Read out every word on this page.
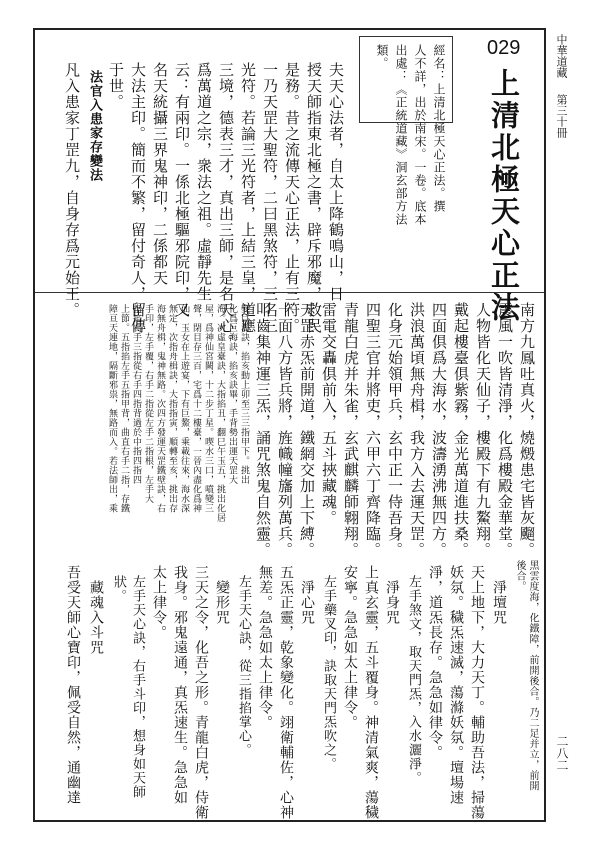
中華道藏
第三十冊
二八二
029
上清北極天心正法
經名：上清北極天心正法。撰
人不詳，出於南宋。一卷。底本
出處：《正統道藏》洞玄部方法
類。
夫天心法者，自太上降鶴鳴山，日
授天師指東北極之書，辟斥邪魔，救民
是務。昔之流傳天心正法，止有三符。
一乃天罡大聖符，二曰黑煞符，三名三
光符。若論三光符者，上結三皇，道應
三境，德表三才，真出三師，是名天心。
爲萬道之宗，衆法之祖。虛靜先生
云：有兩印。一係北極驅邪院印，又
名天統攝三界鬼神印，二係都天
大法主印。簡而不繁，留付奇人，留傳
于世。
法官入患家存變法
凡入患家丁罡九，自身存爲元始王。
南方九鳳吐真火，燒燬患宅皆灰飀。
震風一吹皆清淨，化爲樓殿金華堂。
人物皆化天仙子，樓殿下有九鰲翔。
戴起樓臺俱紫霧，金光萬道進扶桑。
四面俱爲大海水，波濤湧沸無四方。
洪浪萬頃無舟楫，我方入去運天罡。
化身元始領甲兵，玄中正一侍吾身。
四聖三官并將吏，六甲六丁齊降臨。
青龍白虎并朱雀，玄武麒麟師翺翔。
雷電交轟俱前入，五斗挾藏魂。
天罡赤炁前開道，鐵網交加上下縛。
十面八方皆兵將，旌幟幢旛列萬兵。
叩齒集神運三炁，誦咒煞鬼自然靈。
變巨海訣，掐亥動上卯至三三指甲下。挑出
化爲巨海訣，掐亥訣畢，手背勢出運天罡大
海。次虛皇臺訣，大指掐丑，翻巳午玉五，挑出化居
屋，爲神仙宮闕，十二步丁星。喫水三口，噴變三
聲，閉目存三百，宅爲十二樓臺，一晉內盡化爲神
仙，玉女在上遊宴，下有巨鰲，乘載往來，海水深
無定，次指舟楫訣，大指指寅，順轉至亥，挑出存
海無舟楫，鬼神無路。次四方發運天罡鐵壁訣，右
手印，左手覆，右手二指從左手二指根，左手大
指掐右手三指從右手四指背過於中指四指四
上節。五指掐左手五指甲背，曲直右手二指，存鐵
障亘天連地，隔斷邪祟，無路而入。若法師出，乘
黑雲度海，化鐵障，前開後合。乃二足并立，前開
後合。
淨壇咒
天上地下，大力天丁。輔助吾法，掃蕩
妖氛。穢炁速滅，蕩滌妖氛。壇場速
淨，道炁長存。急急如律令。
左手煞文，取天門炁，入水灑淨。
淨身咒
上真玄靈，五斗覆身。神清氣爽，蕩穢
安寧。急急如太上律令。
左手藥叉印，訣取天門炁吹之。
淨心咒
五炁正靈，乾象變化。翊衛輔佐，心神
無差。急急如太上律令。
左手天心訣，從三指掐掌心。
變形咒
三天之令，化吾之形。青龍白虎，侍衛
我身。邪鬼遠通，真炁速生。急急如
太上律令。
左手天心訣，右手斗印，想身如天師
狀。
藏魂入斗咒
吾受天師心寶印，佩受自然，通幽達
